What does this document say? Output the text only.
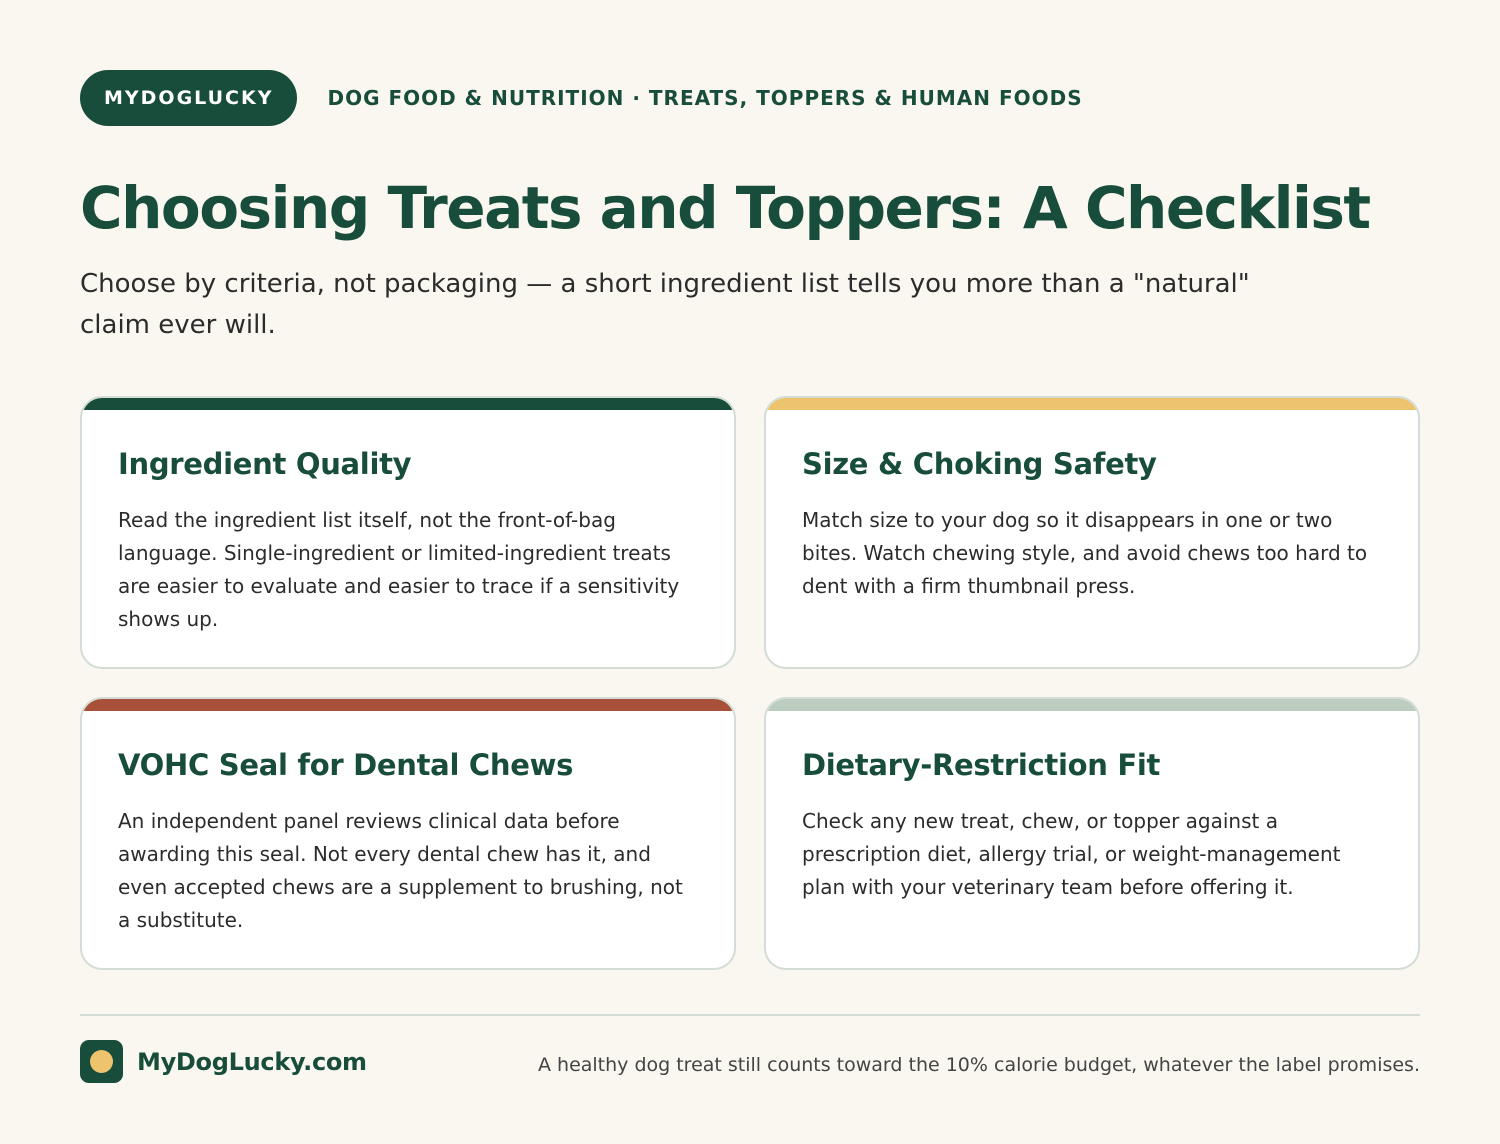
MYDOGLUCKY	DOG FOOD & NUTRITION · TREATS, TOPPERS & HUMAN FOODS
Choosing Treats and Toppers: A Checklist

Choose by criteria, not packaging — a short ingredient list tells you more than a "natural" claim ever will.

Ingredient Quality

Read the ingredient list itself, not the front-of-bag language. Single-ingredient or limited-ingredient treats are easier to evaluate and easier to trace if a sensitivity shows up.

Size & Choking Safety

Match size to your dog so it disappears in one or two bites. Watch chewing style, and avoid chews too hard to dent with a firm thumbnail press.

VOHC Seal for Dental Chews

An independent panel reviews clinical data before awarding this seal. Not every dental chew has it, and even accepted chews are a supplement to brushing, not a substitute.

Dietary-Restriction Fit

Check any new treat, chew, or topper against a prescription diet, allergy trial, or weight-management plan with your veterinary team before offering it.

MyDogLucky.com	A healthy dog treat still counts toward the 10% calorie budget, whatever the label promises.
